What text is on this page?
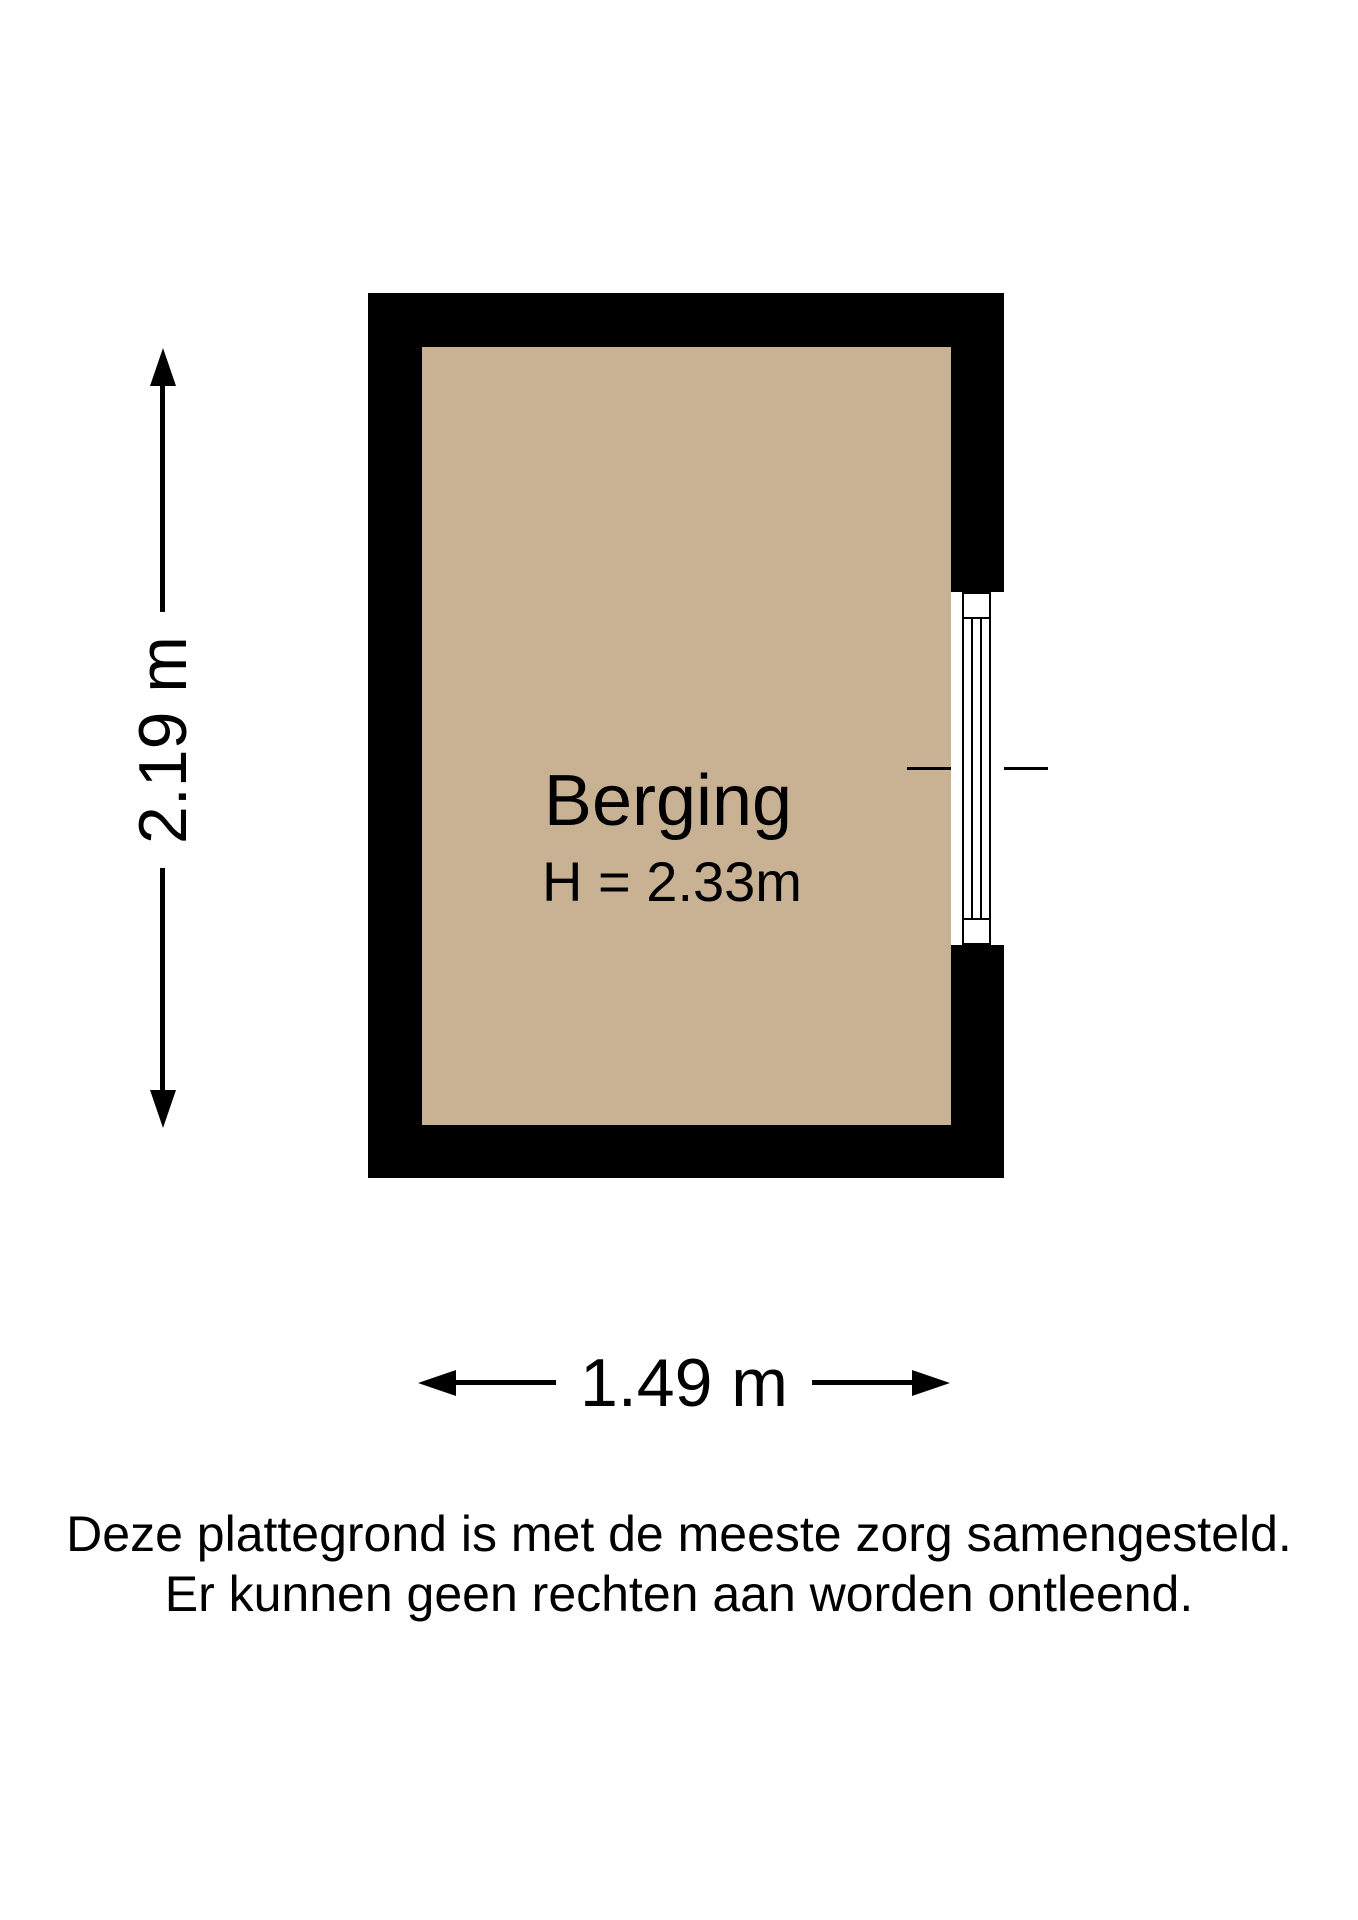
Berging
H = 2.33m
2.19 m
1.49 m
Deze plattegrond is met de meeste zorg samengesteld.
Er kunnen geen rechten aan worden ontleend.
